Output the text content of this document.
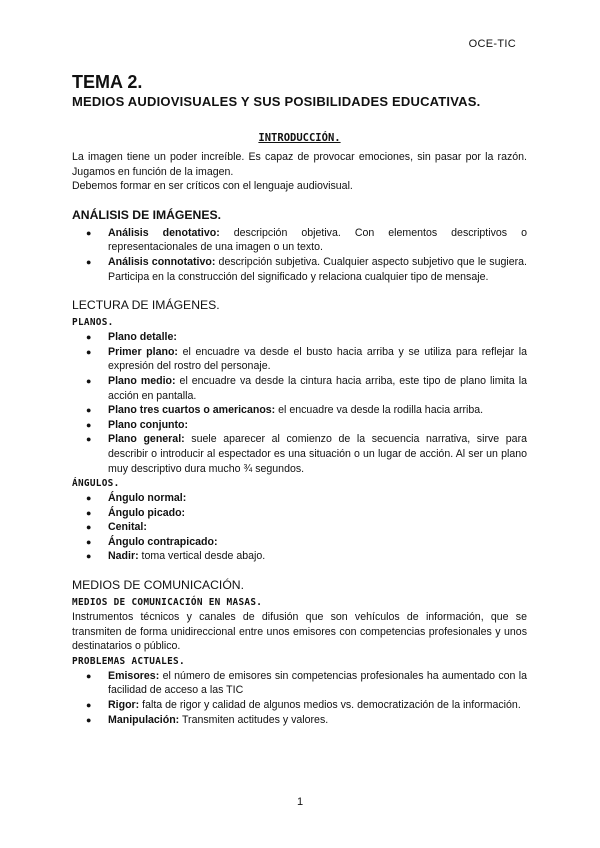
OCE-TIC
TEMA 2.
MEDIOS AUDIOVISUALES Y SUS POSIBILIDADES EDUCATIVAS.
INTRODUCCIÓN.

La imagen tiene un poder increíble. Es capaz de provocar emociones, sin pasar por la razón. Jugamos en función de la imagen.

Debemos formar en ser críticos con el lenguaje audiovisual.

ANÁLISIS DE IMÁGENES.
● Análisis denotativo: descripción objetiva. Con elementos descriptivos o representacionales de una imagen o un texto.
● Análisis connotativo: descripción subjetiva. Cualquier aspecto subjetivo que le sugiera. Participa en la construcción del significado y relaciona cualquier tipo de mensaje.
LECTURA DE IMÁGENES.
PLANOS.
● Plano detalle:
● Primer plano: el encuadre va desde el busto hacia arriba y se utiliza para reflejar la expresión del rostro del personaje.
● Plano medio: el encuadre va desde la cintura hacia arriba, este tipo de plano limita la acción en pantalla.
● Plano tres cuartos o americanos: el encuadre va desde la rodilla hacia arriba.
● Plano conjunto:
● Plano general: suele aparecer al comienzo de la secuencia narrativa, sirve para describir o introducir al espectador es una situación o un lugar de acción. Al ser un plano muy descriptivo dura mucho ¾ segundos.
ÁNGULOS.
● Ángulo normal:
● Ángulo picado:
● Cenital:
● Ángulo contrapicado:
● Nadir: toma vertical desde abajo.
MEDIOS DE COMUNICACIÓN.
MEDIOS DE COMUNICACIÓN EN MASAS.

Instrumentos técnicos y canales de difusión que son vehículos de información, que se transmiten de forma unidireccional entre unos emisores con competencias profesionales y unos destinatarios o público.

PROBLEMAS ACTUALES.
● Emisores: el número de emisores sin competencias profesionales ha aumentado con la facilidad de acceso a las TIC
● Rigor: falta de rigor y calidad de algunos medios vs. democratización de la información.
● Manipulación: Transmiten actitudes y valores.
1
